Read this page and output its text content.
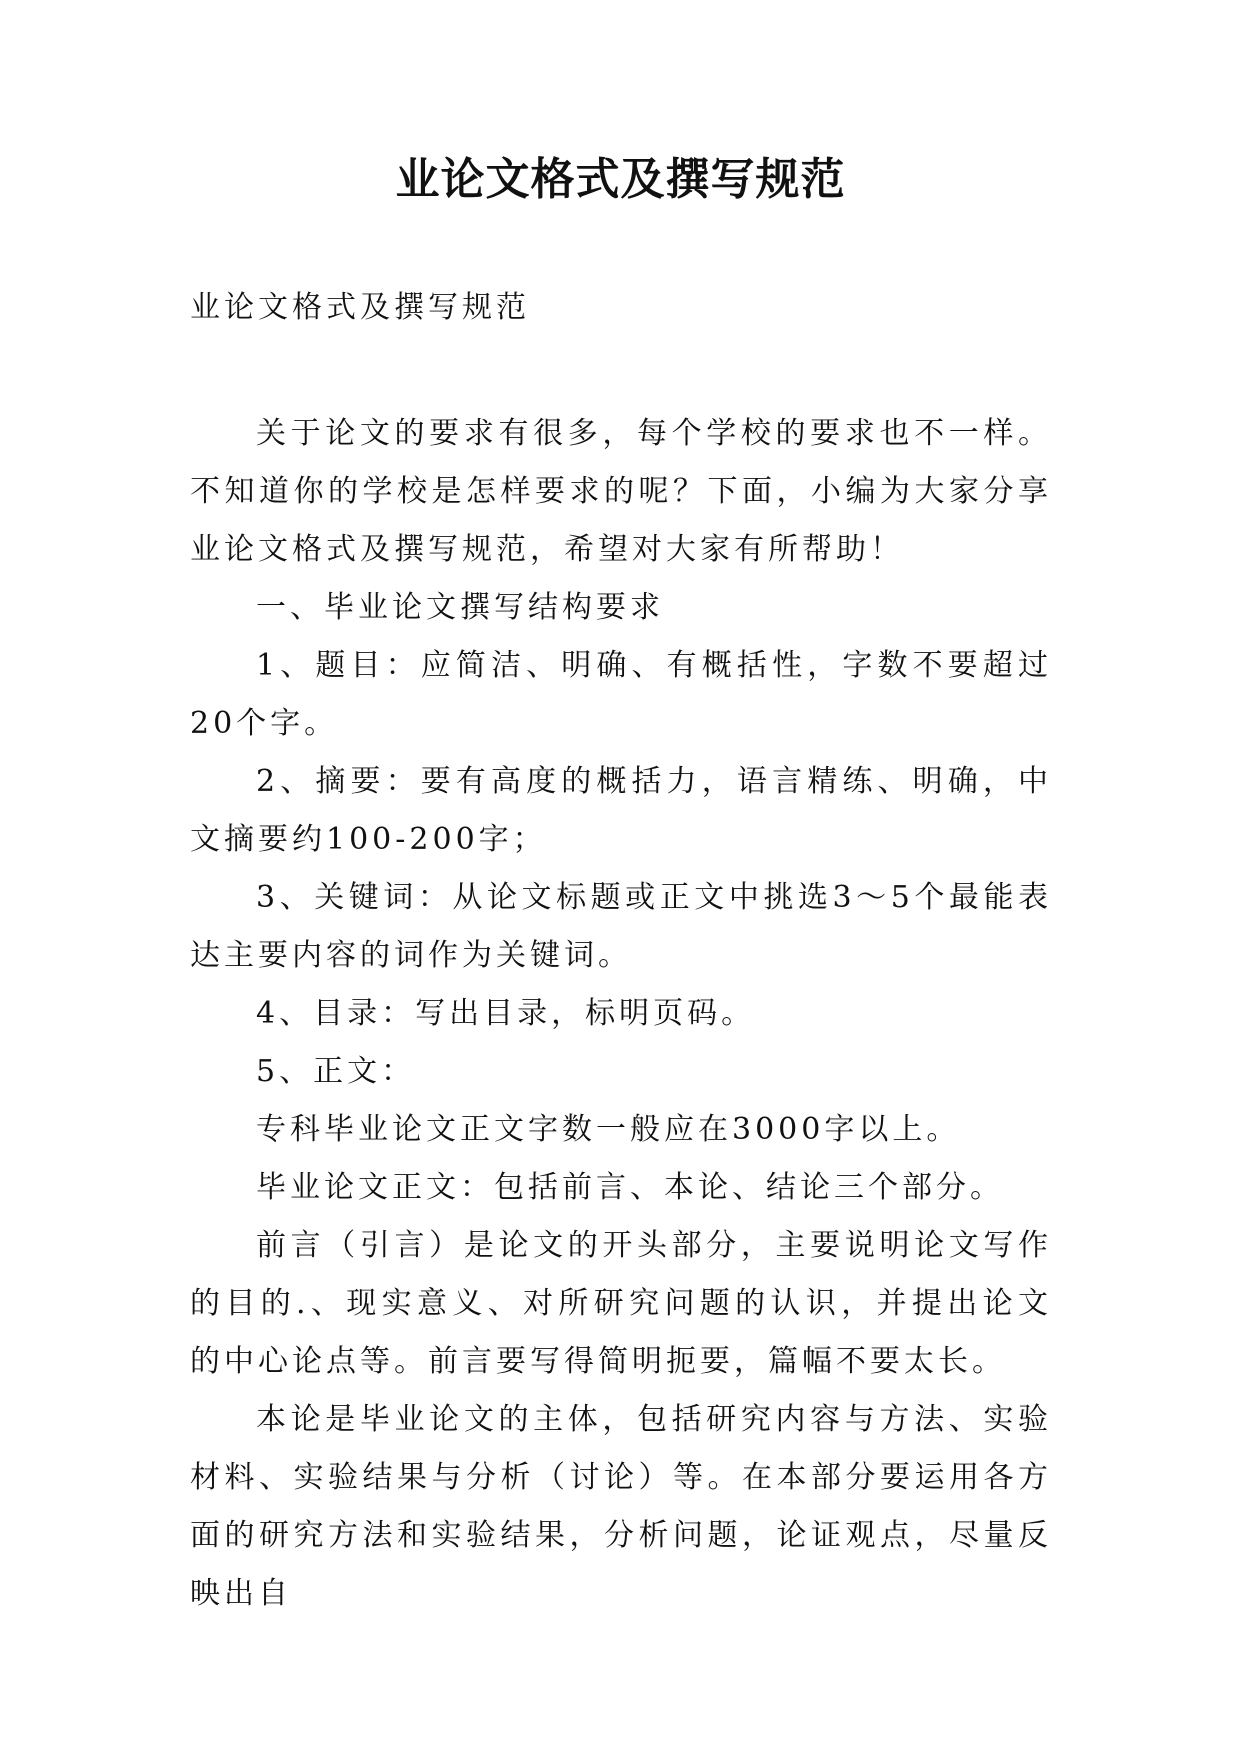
业论文格式及撰写规范
业论文格式及撰写规范

关于论文的要求有很多，每个学校的要求也不一样。不知道你的学校是怎样要求的呢？下面，小编为大家分享业论文格式及撰写规范，希望对大家有所帮助！

一、毕业论文撰写结构要求

1、题目：应简洁、明确、有概括性，字数不要超过20个字。

2、摘要：要有高度的概括力，语言精练、明确，中文摘要约100-200字；

3、关键词：从论文标题或正文中挑选3～5个最能表达主要内容的词作为关键词。

4、目录：写出目录，标明页码。

5、正文：

专科毕业论文正文字数一般应在3000字以上。

毕业论文正文：包括前言、本论、结论三个部分。

前言（引言）是论文的开头部分，主要说明论文写作的目的.、现实意义、对所研究问题的认识，并提出论文的中心论点等。前言要写得简明扼要，篇幅不要太长。

本论是毕业论文的主体，包括研究内容与方法、实验材料、实验结果与分析（讨论）等。在本部分要运用各方面的研究方法和实验结果，分析问题，论证观点，尽量反映出自
